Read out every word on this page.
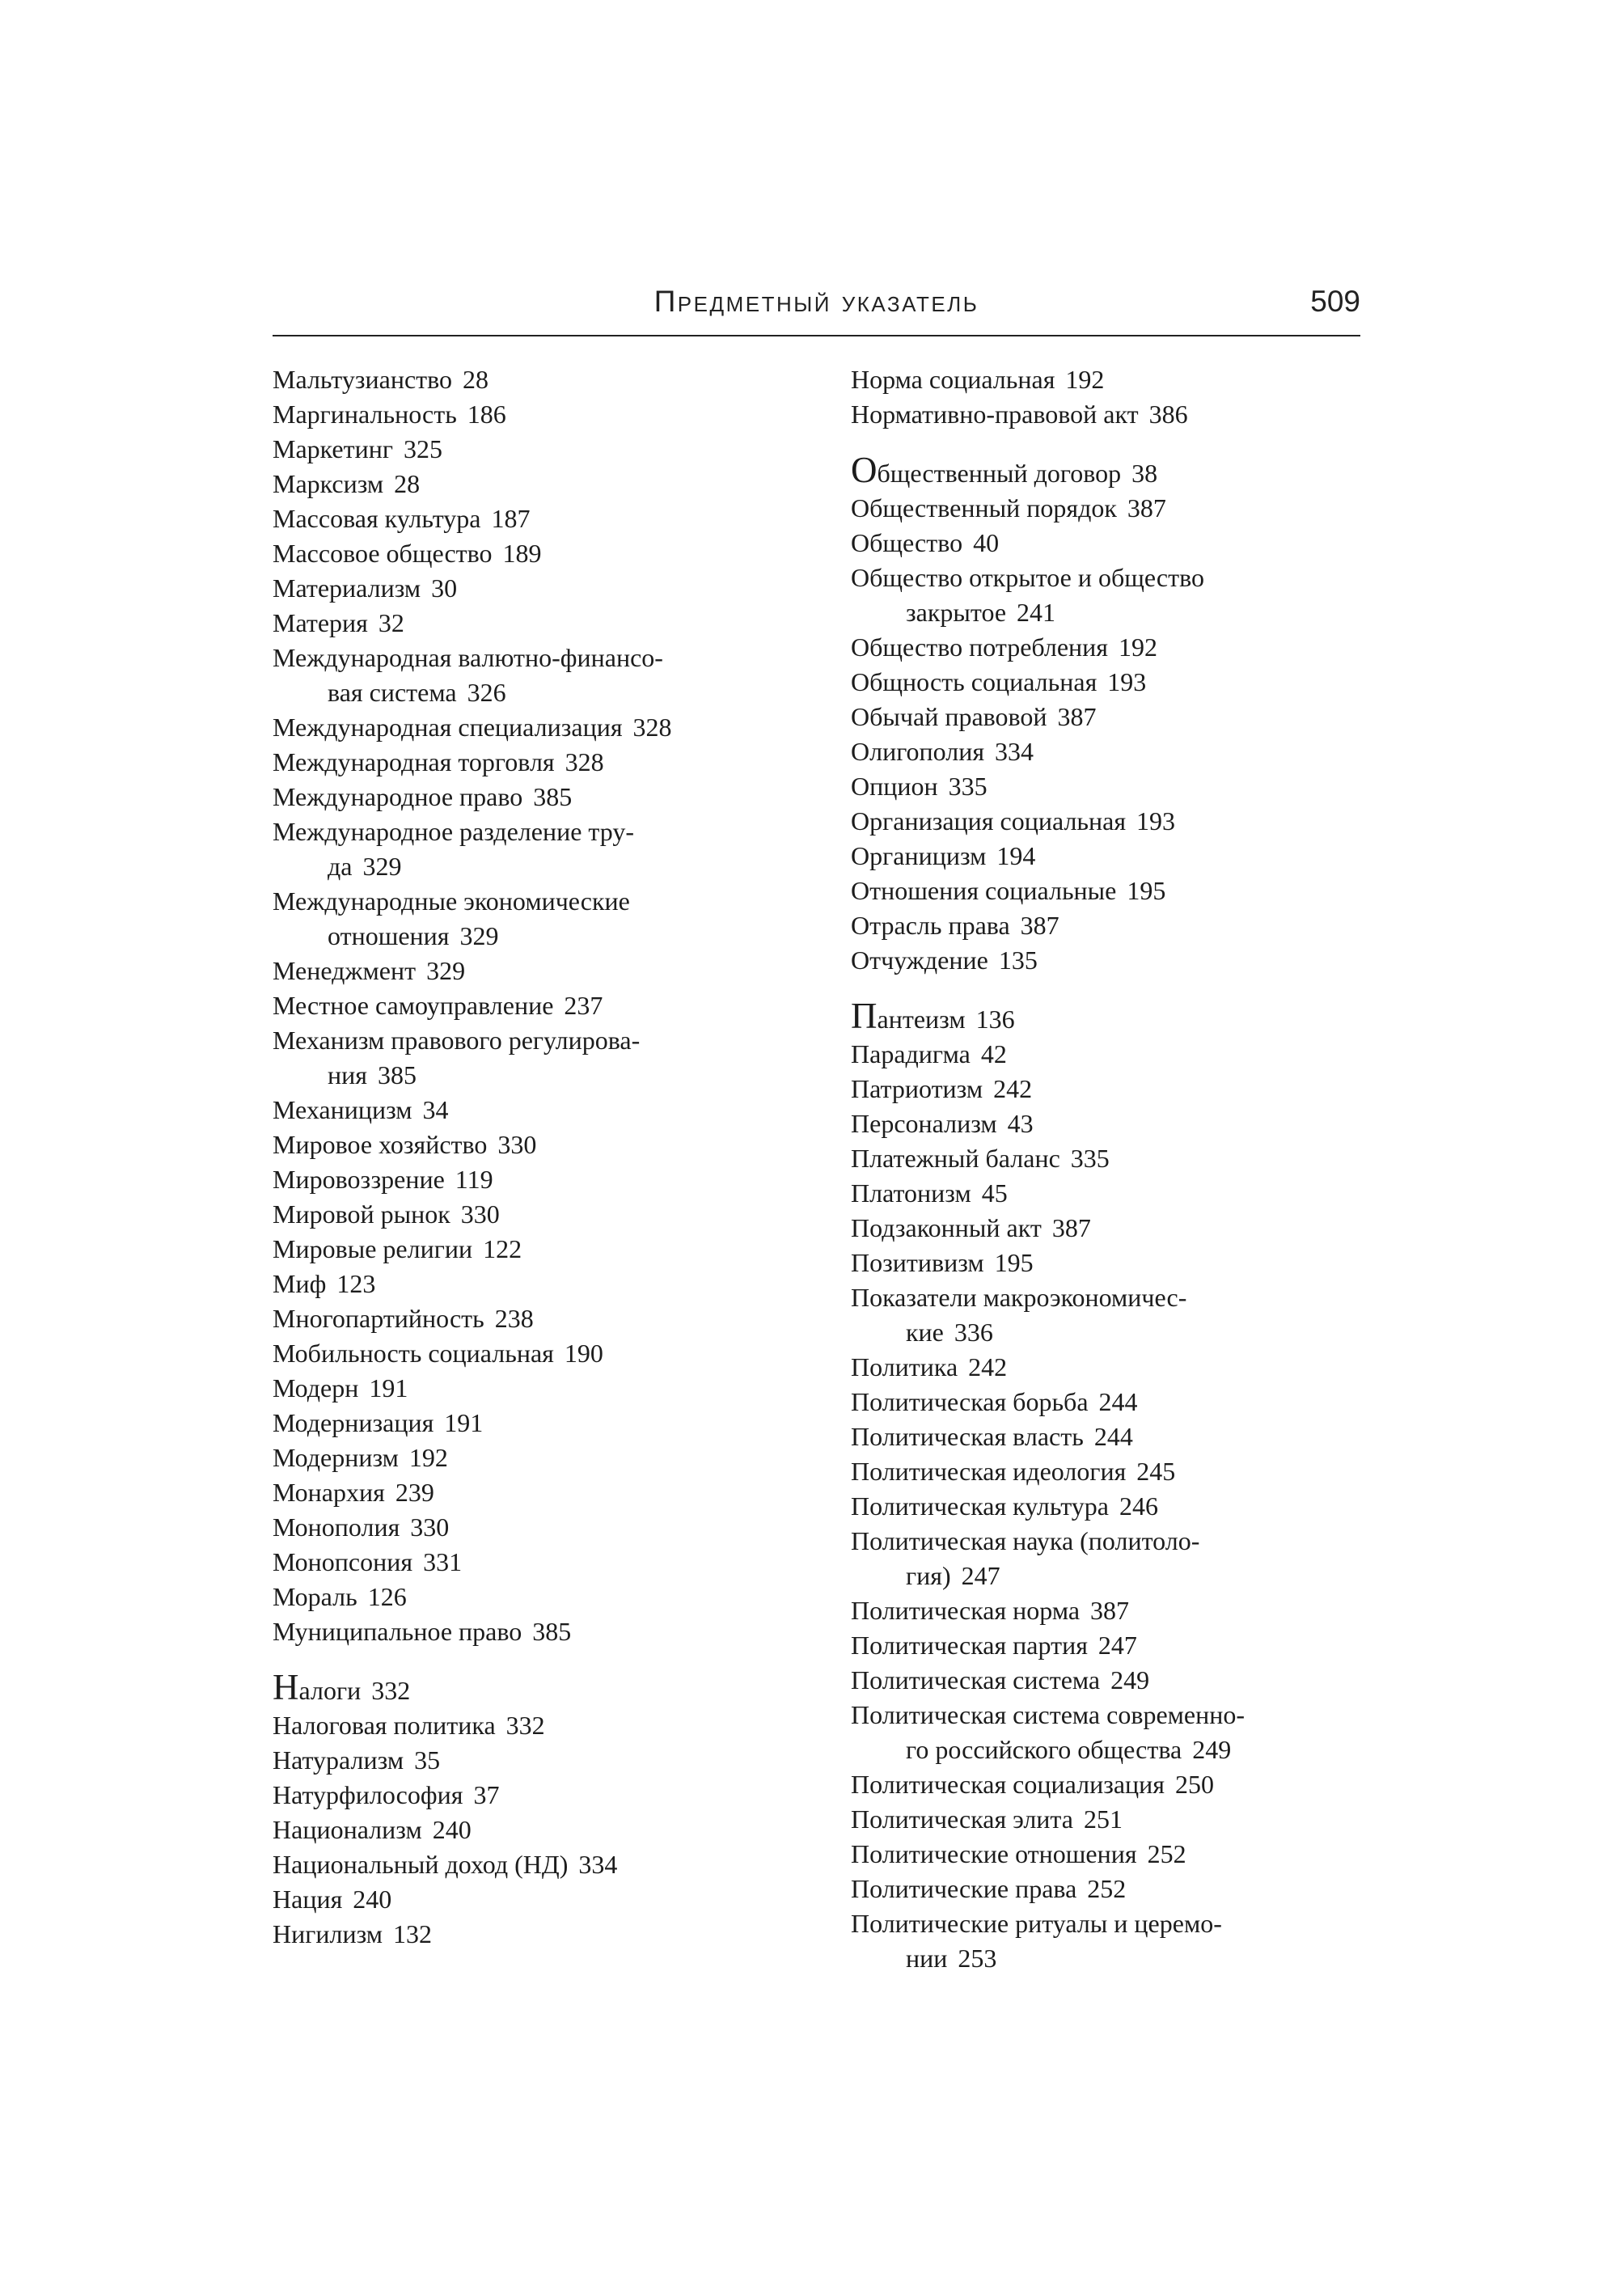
Предметный указатель	509
Мальтузианство 28
Маргинальность 186
Маркетинг 325
Марксизм 28
Массовая культура 187
Массовое общество 189
Материализм 30
Материя 32
Международная валютно-финансо-
вая система 326
Международная специализация 328
Международная торговля 328
Международное право 385
Международное разделение тру-
да 329
Международные экономические
отношения 329
Менеджмент 329
Местное самоуправление 237
Механизм правового регулирова-
ния 385
Механицизм 34
Мировое хозяйство 330
Мировоззрение 119
Мировой рынок 330
Мировые религии 122
Миф 123
Многопартийность 238
Мобильность социальная 190
Модерн 191
Модернизация 191
Модернизм 192
Монархия 239
Монополия 330
Монопсония 331
Мораль 126
Муниципальное право 385
Налоги 332
Налоговая политика 332
Натурализм 35
Натурфилософия 37
Национализм 240
Национальный доход (НД) 334
Нация 240
Нигилизм 132
Норма социальная 192
Нормативно-правовой акт 386
Общественный договор 38
Общественный порядок 387
Общество 40
Общество открытое и общество
закрытое 241
Общество потребления 192
Общность социальная 193
Обычай правовой 387
Олигополия 334
Опцион 335
Организация социальная 193
Органицизм 194
Отношения социальные 195
Отрасль права 387
Отчуждение 135
Пантеизм 136
Парадигма 42
Патриотизм 242
Персонализм 43
Платежный баланс 335
Платонизм 45
Подзаконный акт 387
Позитивизм 195
Показатели макроэкономичес-
кие 336
Политика 242
Политическая борьба 244
Политическая власть 244
Политическая идеология 245
Политическая культура 246
Политическая наука (политоло-
гия) 247
Политическая норма 387
Политическая партия 247
Политическая система 249
Политическая система современно-
го российского общества 249
Политическая социализация 250
Политическая элита 251
Политические отношения 252
Политические права 252
Политические ритуалы и церемо-
нии 253
